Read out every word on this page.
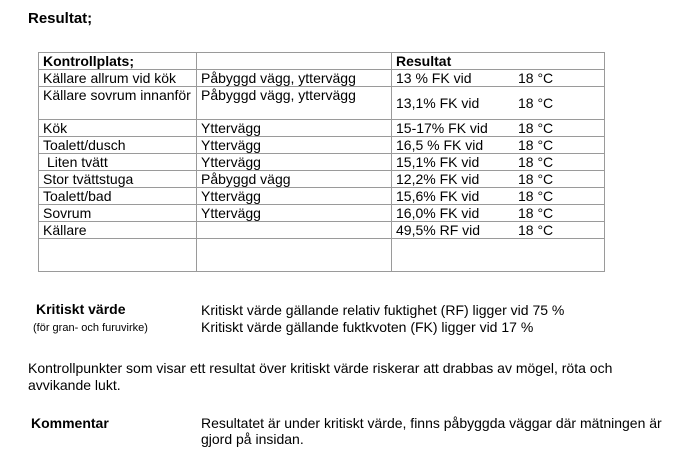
Resultat;
Kontrollplats;		Resultat
Källare allrum vid kök	Påbyggd vägg, yttervägg	13 % FK vid 18 °C

Källare sovrum innanför	Påbyggd vägg, yttervägg	13,1% FK vid 18 °C

Kök	Yttervägg	15-17% FK vid 18 °C

Toalett/dusch	Yttervägg	16,5 % FK vid 18 °C

Liten tvätt	Yttervägg	15,1% FK vid 18 °C

Stor tvättstuga	Påbyggd vägg	12,2% FK vid 18 °C

Toalett/bad	Yttervägg	15,6% FK vid 18 °C

Sovrum	Yttervägg	16,0% FK vid 18 °C

Källare		49,5% RF vid 18 °C

Kritiskt värde
(för gran- och furuvirke)
Kritiskt värde gällande relativ fuktighet (RF) ligger vid 75 %
Kritiskt värde gällande fuktkvoten (FK) ligger vid 17 %
Kontrollpunkter som visar ett resultat över kritiskt värde riskerar att drabbas av mögel, röta och avvikande lukt.
Kommentar	Resultatet är under kritiskt värde, finns påbyggda väggar där mätningen är gjord på insidan.
